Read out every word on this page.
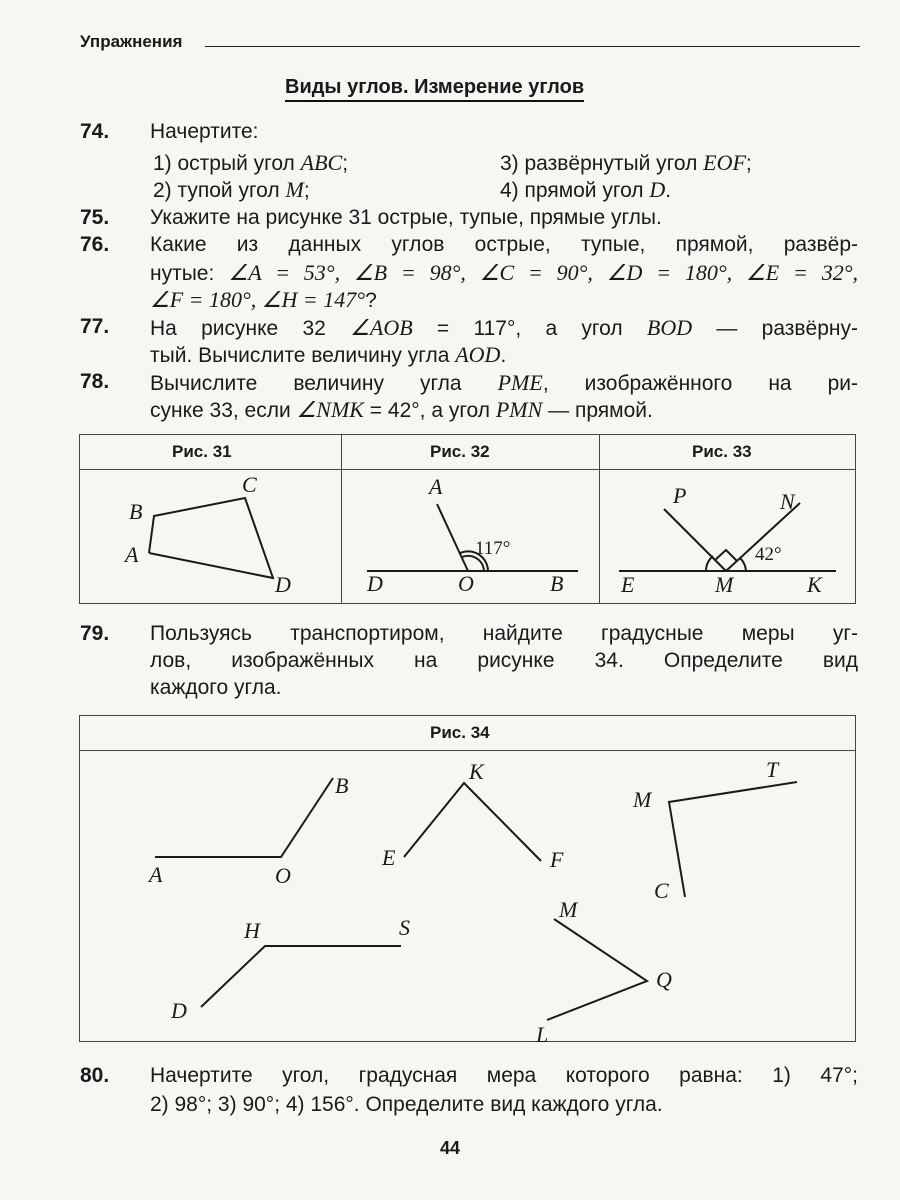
Упражнения
Виды углов. Измерение углов
74. Начертите:
1) острый угол ABC;	3) развёрнутый угол EOF;
2) тупой угол M;	4) прямой угол D.
75. Укажите на рисунке 31 острые, тупые, прямые углы.
76. Какие из данных углов острые, тупые, прямой, развёр-
нутые: ∠A = 53°, ∠B = 98°, ∠C = 90°, ∠D = 180°, ∠E = 32°,
∠F = 180°, ∠H = 147°?
77. На рисунке 32 ∠AOB = 117°, а угол BOD — развёрну-
тый. Вычислите величину угла AOD.
78. Вычислите величину угла PME, изображённого на ри-
сунке 33, если ∠NMK = 42°, а угол PMN — прямой.
Рис. 31	Рис. 32	Рис. 33
B
C
A
D
A
D	O	B
117°
P	N
E	M	K
42°
79. Пользуясь транспортиром, найдите градусные меры уг-
лов, изображённых на рисунке 34. Определите вид
каждого угла.
Рис. 34
A	O
B
K
E	F
M
T
C
H	S
D
M
Q
L
80. Начертите угол, градусная мера которого равна: 1) 47°;
2) 98°; 3) 90°; 4) 156°. Определите вид каждого угла.
44
